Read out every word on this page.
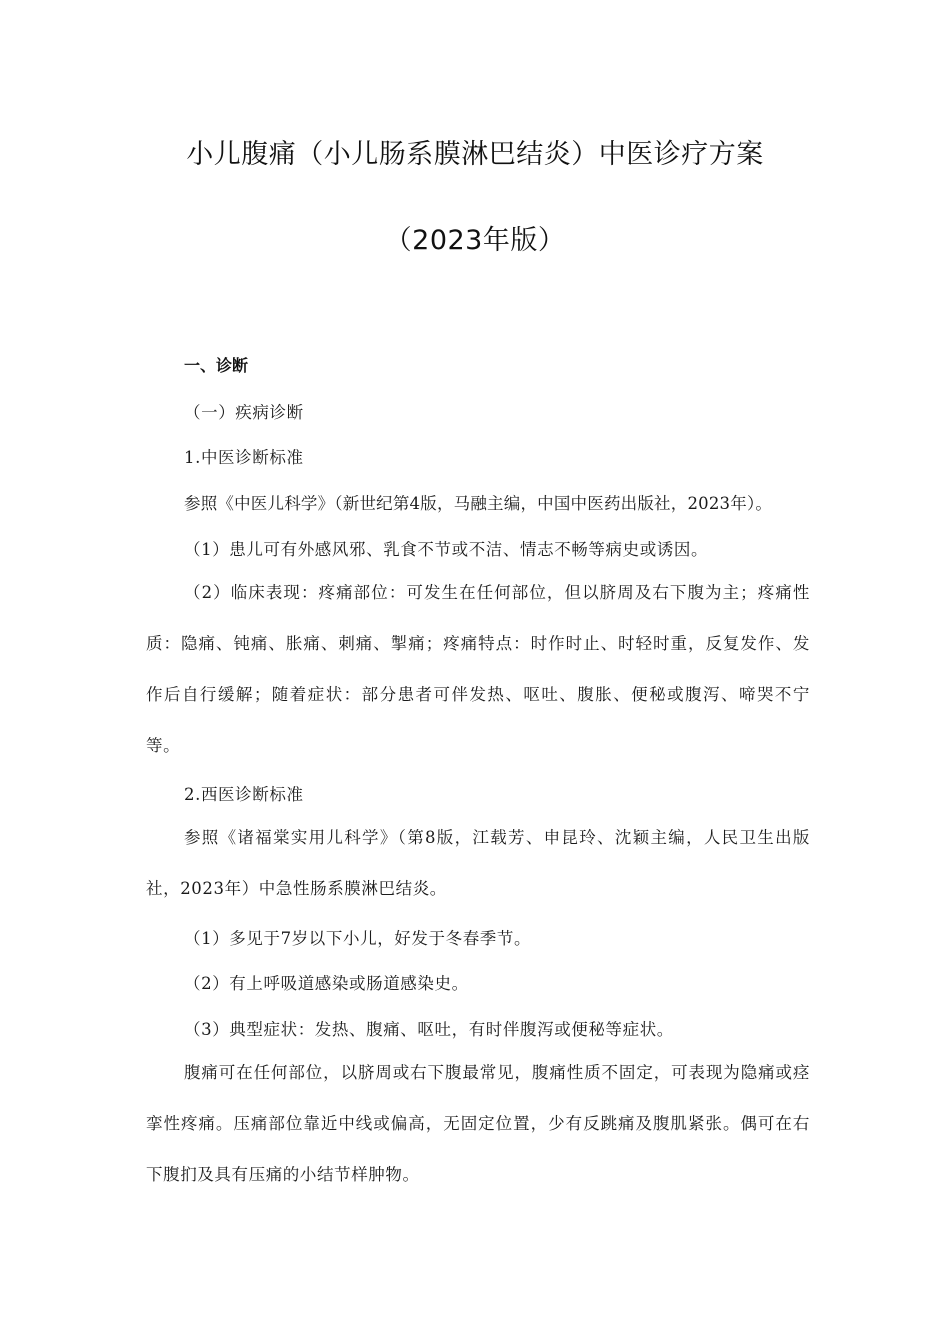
小儿腹痛（小儿肠系膜淋巴结炎）中医诊疗方案
（2023年版）
一、诊断
（一）疾病诊断
1.中医诊断标准
参照《中医儿科学》（新世纪第4版，马融主编，中国中医药出版社，2023年）。
（1）患儿可有外感风邪、乳食不节或不洁、情志不畅等病史或诱因。
（2）临床表现：疼痛部位：可发生在任何部位，但以脐周及右下腹为主；疼痛性质：隐痛、钝痛、胀痛、刺痛、掣痛；疼痛特点：时作时止、时轻时重，反复发作、发作后自行缓解；随着症状：部分患者可伴发热、呕吐、腹胀、便秘或腹泻、啼哭不宁等。
2.西医诊断标准
参照《诸福棠实用儿科学》（第8版，江载芳、申昆玲、沈颖主编，人民卫生出版社，2023年）中急性肠系膜淋巴结炎。
（1）多见于7岁以下小儿，好发于冬春季节。
（2）有上呼吸道感染或肠道感染史。
（3）典型症状：发热、腹痛、呕吐，有时伴腹泻或便秘等症状。
腹痛可在任何部位，以脐周或右下腹最常见，腹痛性质不固定，可表现为隐痛或痉挛性疼痛。压痛部位靠近中线或偏高，无固定位置，少有反跳痛及腹肌紧张。偶可在右下腹扪及具有压痛的小结节样肿物。
